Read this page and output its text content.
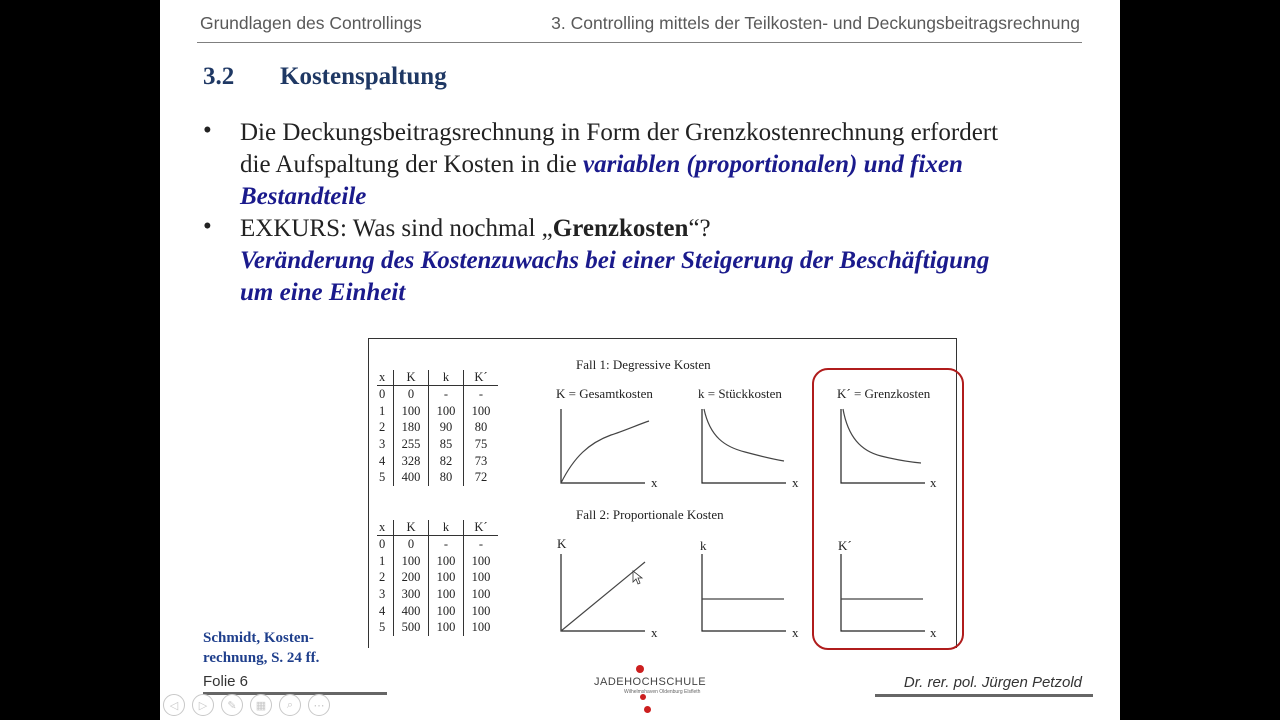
Grundlagen des Controllings	3. Controlling mittels der Teilkosten- und Deckungsbeitragsrechnung
3.2 Kostenspaltung
• Die Deckungsbeitragsrechnung in Form der Grenzkostenrechnung erfordert
die Aufspaltung der Kosten in die variablen (proportionalen) und fixen
Bestandteile
• EXKURS: Was sind nochmal „Grenzkosten“?
Veränderung des Kostenzuwachs bei einer Steigerung der Beschäftigung
um eine Einheit
Fall 1: Degressive Kosten
Fall 2: Proportionale Kosten
x	K	k	K´
0	0	-	-
1	100	100	100
2	180	90	80
3	255	85	75
4	328	82	73
5	400	80	72
x	K	k	K´
0	0	-	-
1	100	100	100
2	200	100	100
3	300	100	100
4	400	100	100
5	500	100	100
K = Gesamtkosten	k = Stückkosten	K´ = Grenzkosten
K	k	K´
x	x	x
x	x	x
Schmidt, Kosten-
rechnung, S. 24 ff.
Folie 6	JADEHOCHSCHULE
Wilhelmshaven Oldenburg Elsfleth
Dr. rer. pol. Jürgen Petzold
◁	▷	✎	▦	⌕	⋯
